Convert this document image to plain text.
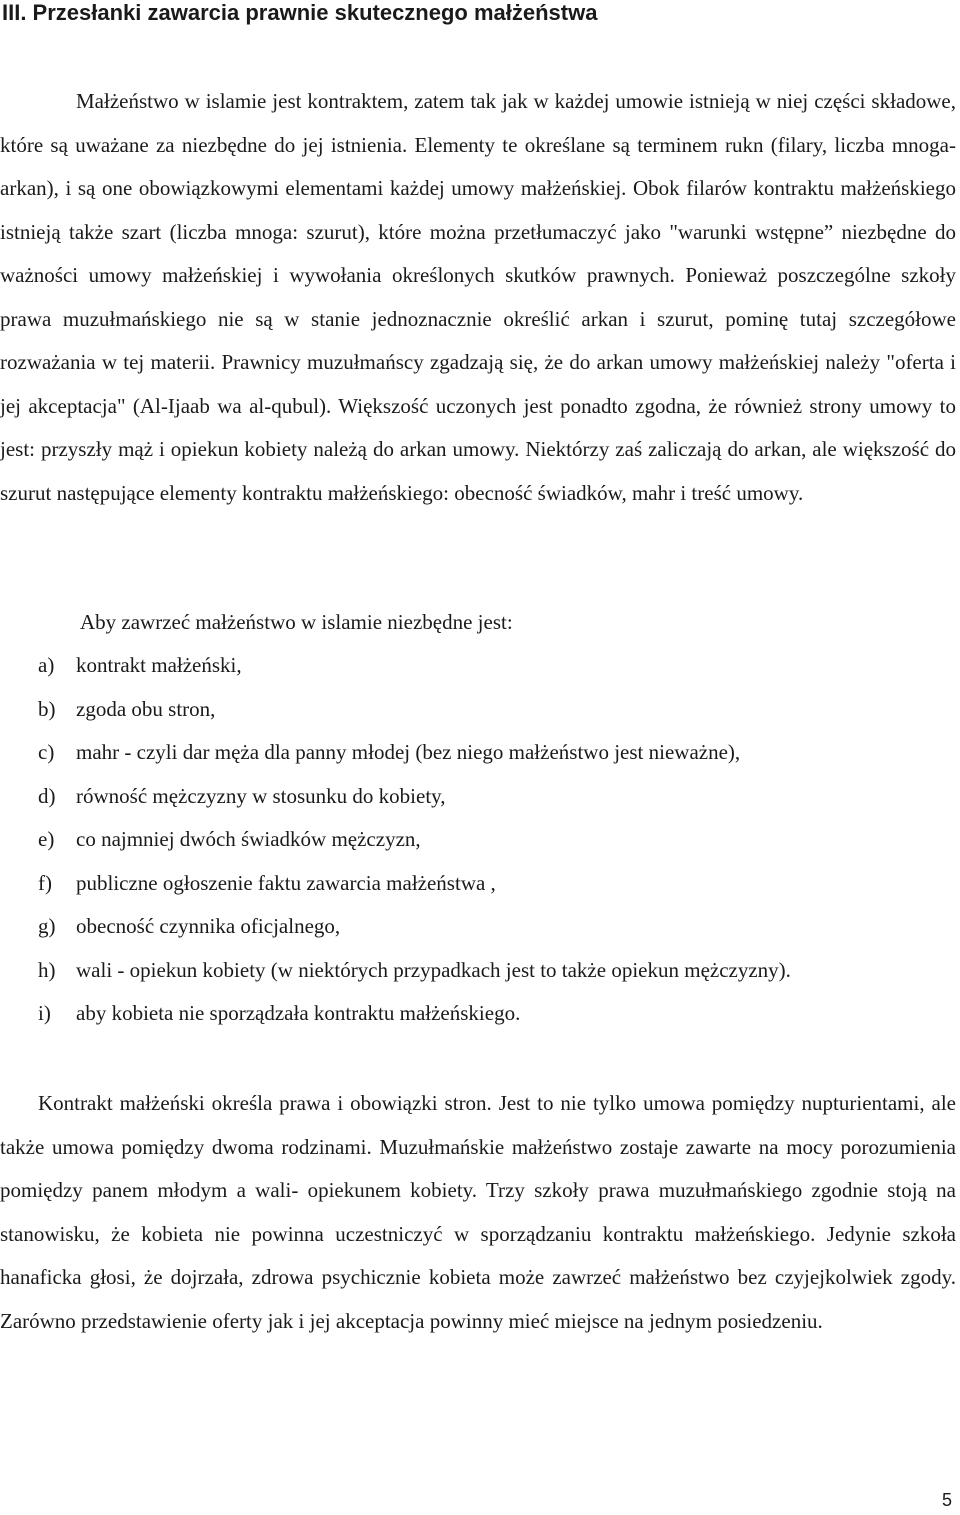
III. Przesłanki zawarcia prawnie skutecznego małżeństwa

Małżeństwo w islamie jest kontraktem, zatem tak jak w każdej umowie istnieją w niej części składowe, które są uważane za niezbędne do jej istnienia. Elementy te określane są terminem rukn (filary, liczba mnoga- arkan), i są one obowiązkowymi elementami każdej umowy małżeńskiej. Obok filarów kontraktu małżeńskiego istnieją także szart (liczba mnoga: szurut), które można przetłumaczyć jako "warunki wstępne” niezbędne do ważności umowy małżeńskiej i wywołania określonych skutków prawnych. Ponieważ poszczególne szkoły prawa muzułmańskiego nie są w stanie jednoznacznie określić arkan i szurut, pominę tutaj szczegółowe rozważania w tej materii. Prawnicy muzułmańscy zgadzają się, że do arkan umowy małżeńskiej należy "oferta i jej akceptacja" (Al-Ijaab wa al-qubul). Większość uczonych jest ponadto zgodna, że również strony umowy to jest: przyszły mąż i opiekun kobiety należą do arkan umowy. Niektórzy zaś zaliczają do arkan, ale większość do szurut następujące elementy kontraktu małżeńskiego: obecność świadków, mahr i treść umowy.

Aby zawrzeć małżeństwo w islamie niezbędne jest:

a)	kontrakt małżeński,
b) zgoda obu stron,
c)	mahr - czyli dar męża dla panny młodej (bez niego małżeństwo jest nieważne),
d) równość mężczyzny w stosunku do kobiety,
e)	co najmniej dwóch świadków mężczyzn,
f)	publiczne ogłoszenie faktu zawarcia małżeństwa ,
g) obecność czynnika oficjalnego,
h) wali - opiekun kobiety (w niektórych przypadkach jest to także opiekun mężczyzny).
i)	aby kobieta nie sporządzała kontraktu małżeńskiego.

Kontrakt małżeński określa prawa i obowiązki stron. Jest to nie tylko umowa pomiędzy nupturientami, ale także umowa pomiędzy dwoma rodzinami. Muzułmańskie małżeństwo zostaje zawarte na mocy porozumienia pomiędzy panem młodym a wali- opiekunem kobiety. Trzy szkoły prawa muzułmańskiego zgodnie stoją na stanowisku, że kobieta nie powinna uczestniczyć w sporządzaniu kontraktu małżeńskiego. Jedynie szkoła hanaficka głosi, że dojrzała, zdrowa psychicznie kobieta może zawrzeć małżeństwo bez czyjejkolwiek zgody. Zarówno przedstawienie oferty jak i jej akceptacja powinny mieć miejsce na jednym posiedzeniu.

5
